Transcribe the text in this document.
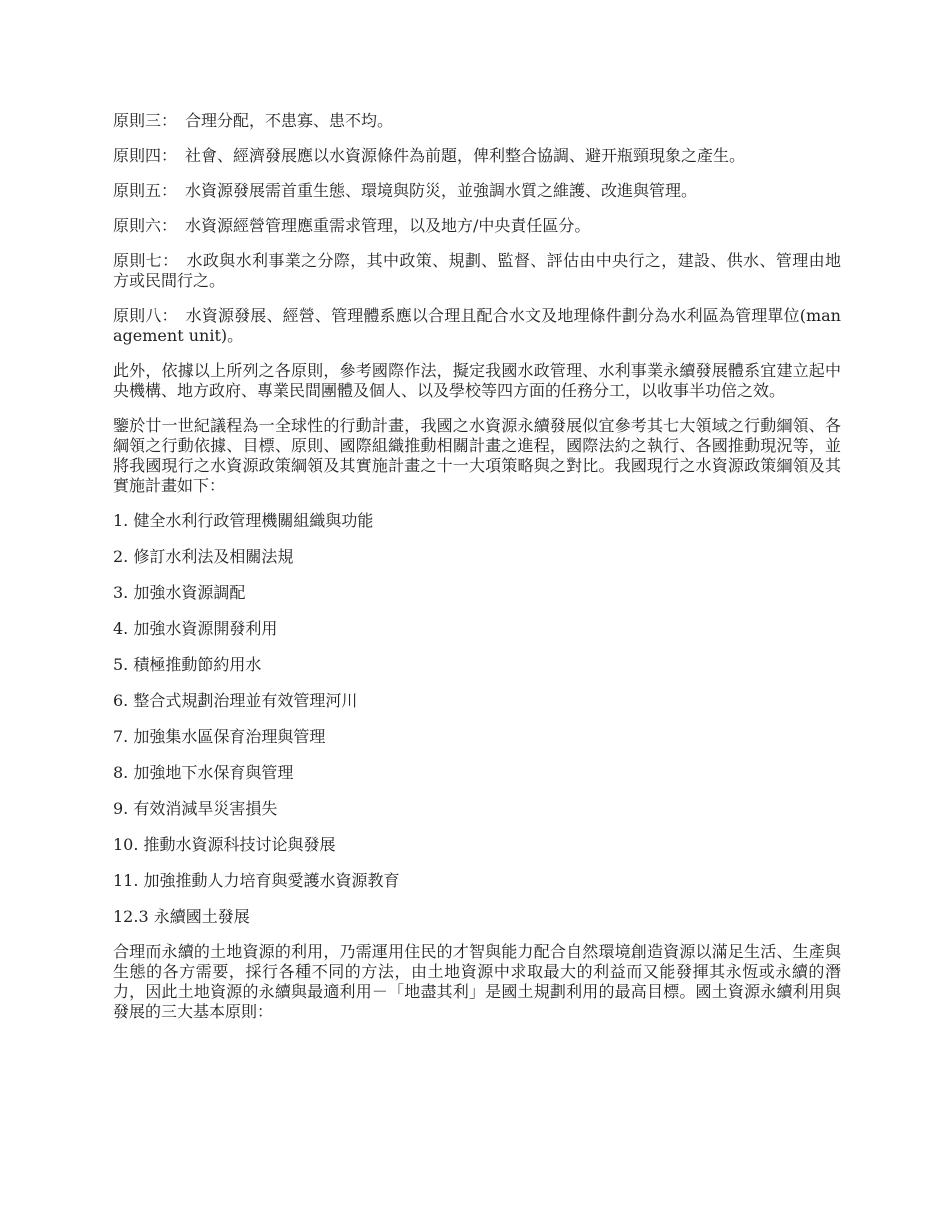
原則三： 合理分配，不患寡、患不均。

原則四： 社會、經濟發展應以水資源條件為前題，俾利整合協調、避开瓶頸現象之產生。

原則五： 水資源發展需首重生態、環境與防災，並強調水質之維護、改進與管理。

原則六： 水資源經營管理應重需求管理，以及地方/中央責任區分。

原則七： 水政與水利事業之分際，其中政策、規劃、監督、評估由中央行之，建設、供水、管理由地方或民間行之。

原則八： 水資源發展、經營、管理體系應以合理且配合水文及地理條件劃分為水利區為管理單位(management unit)。

此外，依據以上所列之各原則，參考國際作法，擬定我國水政管理、水利事業永續發展體系宜建立起中央機構、地方政府、專業民間團體及個人、以及學校等四方面的任務分工，以收事半功倍之效。

鑒於廿一世紀議程為一全球性的行動計畫，我國之水資源永續發展似宜參考其七大領域之行動綱領、各綱領之行動依據、目標、原則、國際組織推動相關計畫之進程，國際法約之執行、各國推動現況等，並將我國現行之水資源政策綱領及其實施計畫之十一大項策略與之對比。我國現行之水資源政策綱領及其實施計畫如下：

1. 健全水利行政管理機關組織與功能

2. 修訂水利法及相關法規

3. 加強水資源調配

4. 加強水資源開發利用

5. 積極推動節約用水

6. 整合式規劃治理並有效管理河川

7. 加強集水區保育治理與管理

8. 加強地下水保育與管理

9. 有效消減旱災害損失

10. 推動水資源科技讨论與發展

11. 加強推動人力培育與愛護水資源教育

12.3 永續國土發展

合理而永續的土地資源的利用，乃需運用住民的才智與能力配合自然環境創造資源以滿足生活、生產與生態的各方需要，採行各種不同的方法，由土地資源中求取最大的利益而又能發揮其永恆或永續的潛力，因此土地資源的永續與最適利用－「地盡其利」是國土規劃利用的最高目標。國土資源永續利用與發展的三大基本原則：
